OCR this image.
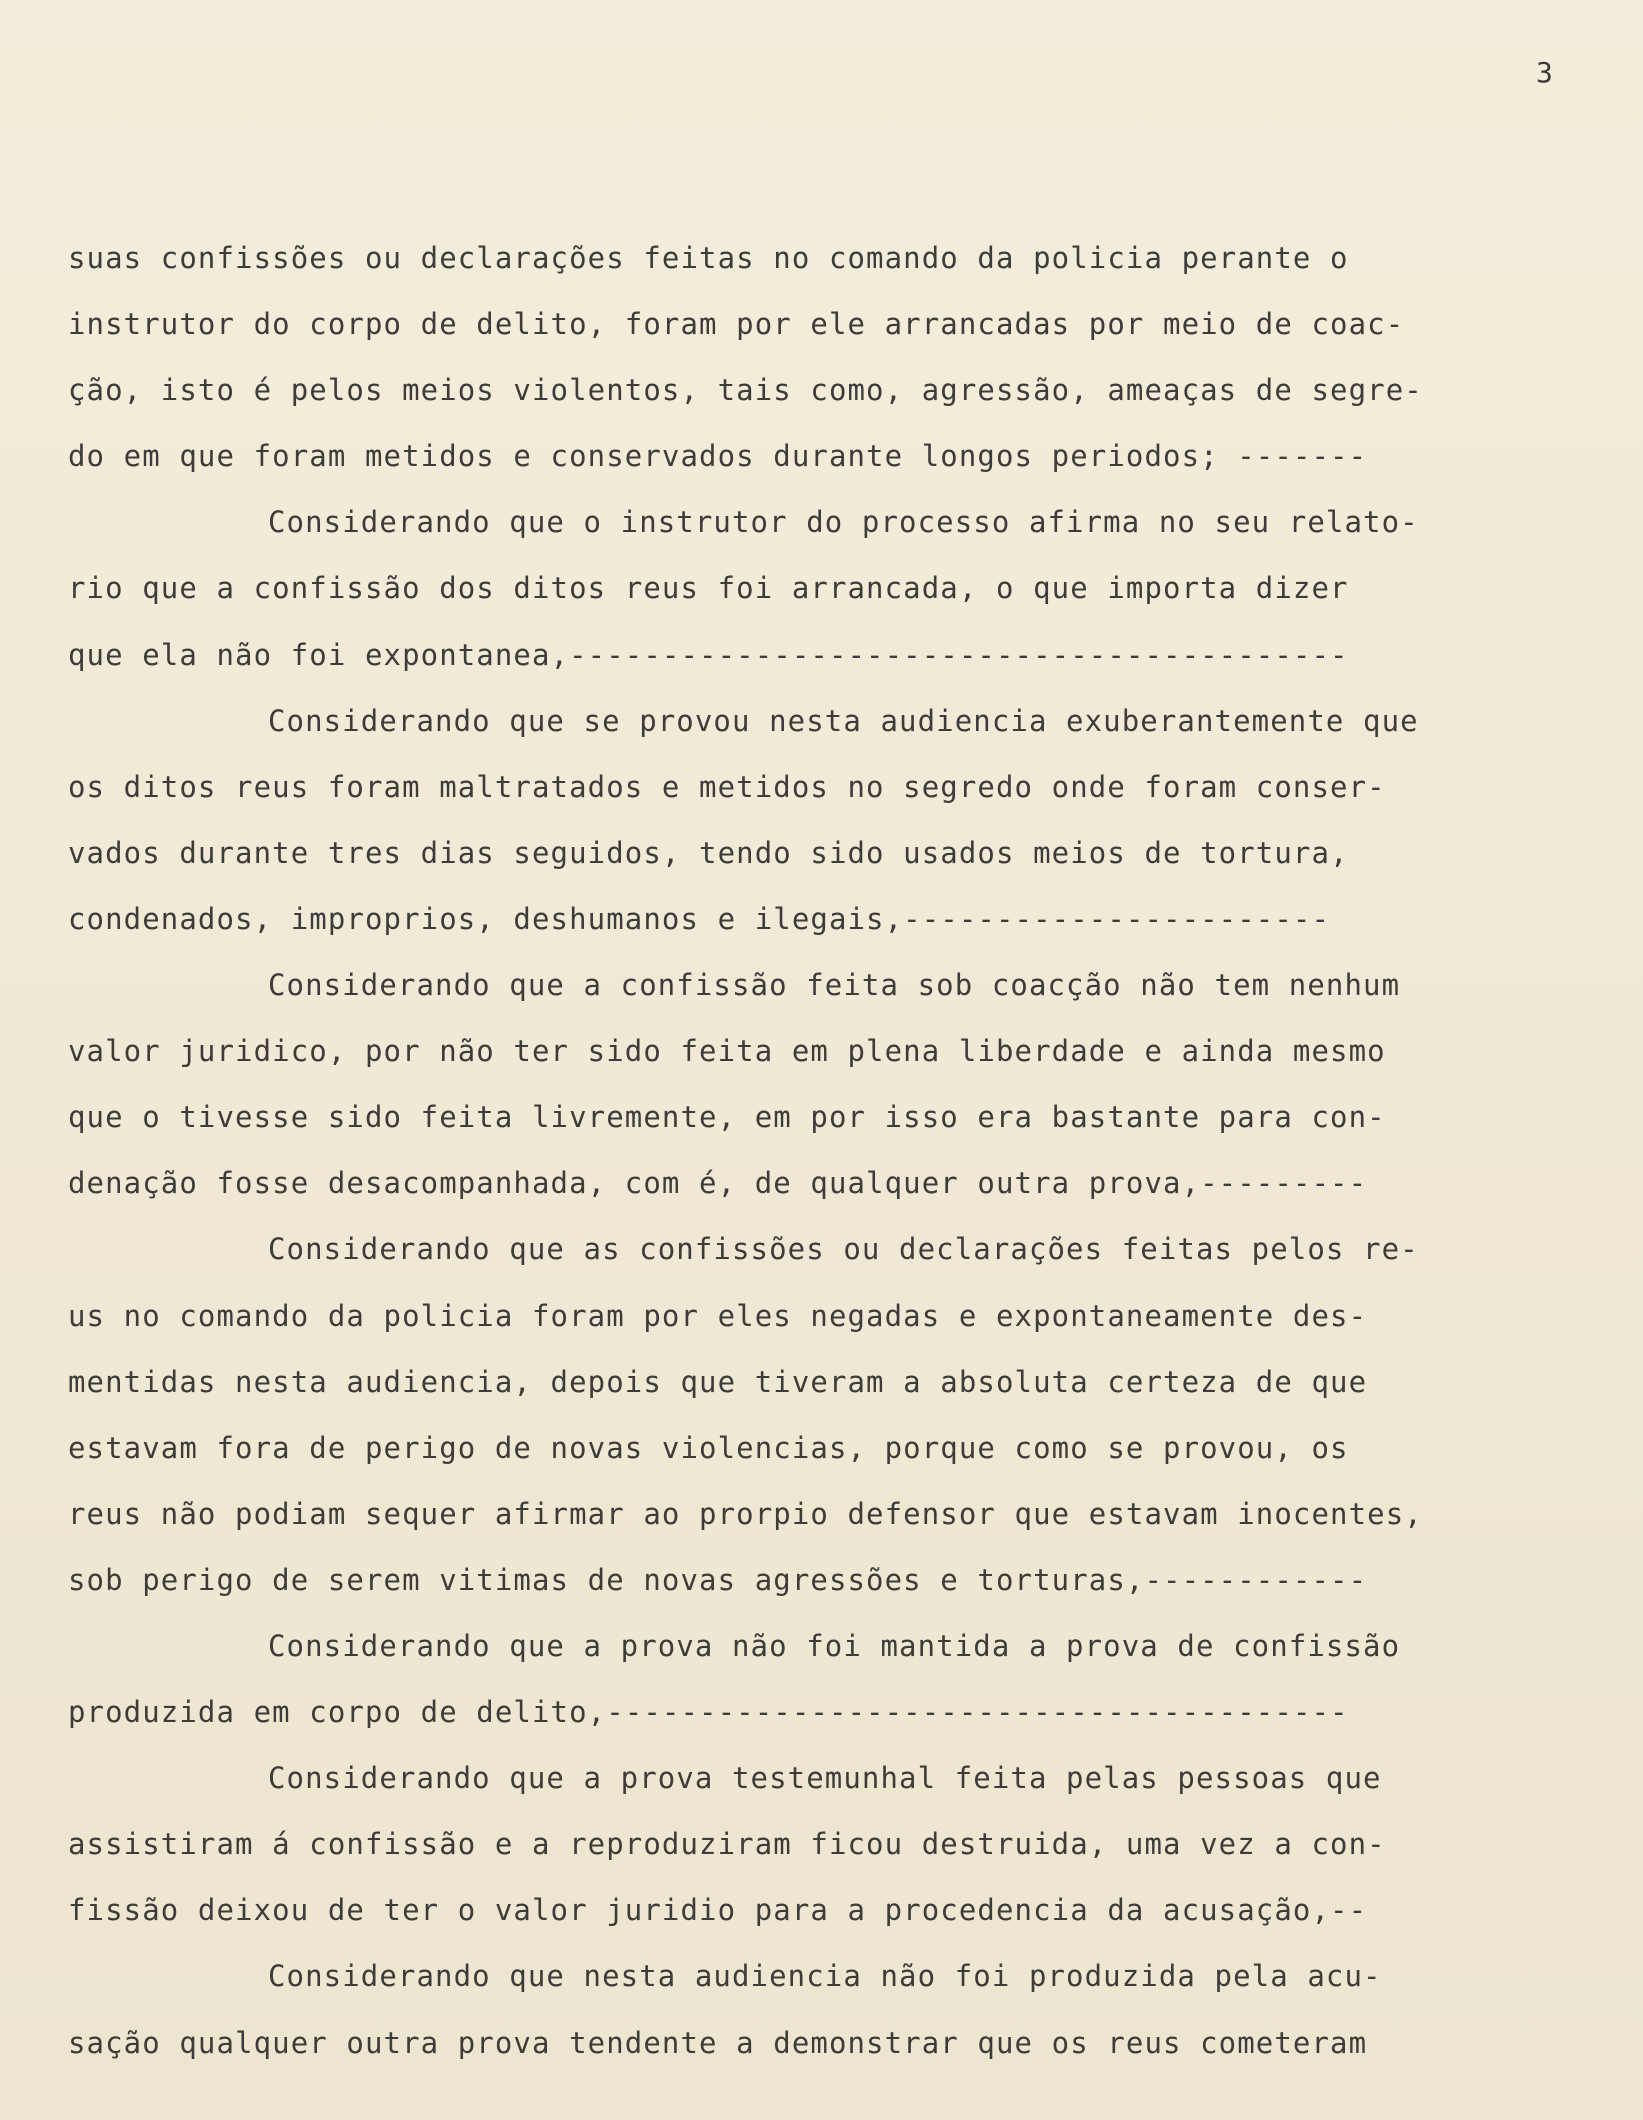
3
suas confissões ou declarações feitas no comando da policia perante o
instrutor do corpo de delito, foram por ele arrancadas por meio de coac-
ção, isto é pelos meios violentos, tais como, agressão, ameaças de segre-
do em que foram metidos e conservados durante longos periodos; -------
Considerando que o instrutor do processo afirma no seu relato-
rio que a confissão dos ditos reus foi arrancada, o que importa dizer
que ela não foi expontanea,------------------------------------------
Considerando que se provou nesta audiencia exuberantemente que
os ditos reus foram maltratados e metidos no segredo onde foram conser-
vados durante tres dias seguidos, tendo sido usados meios de tortura,
condenados, improprios, deshumanos e ilegais,-----------------------
Considerando que a confissão feita sob coacção não tem nenhum
valor juridico, por não ter sido feita em plena liberdade e ainda mesmo
que o tivesse sido feita livremente, em por isso era bastante para con-
denação fosse desacompanhada, com é, de qualquer outra prova,---------
Considerando que as confissões ou declarações feitas pelos re-
us no comando da policia foram por eles negadas e expontaneamente des-
mentidas nesta audiencia, depois que tiveram a absoluta certeza de que
estavam fora de perigo de novas violencias, porque como se provou, os
reus não podiam sequer afirmar ao prorpio defensor que estavam inocentes,
sob perigo de serem vitimas de novas agressões e torturas,------------
Considerando que a prova não foi mantida a prova de confissão
produzida em corpo de delito,----------------------------------------
Considerando que a prova testemunhal feita pelas pessoas que
assistiram á confissão e a reproduziram ficou destruida, uma vez a con-
fissão deixou de ter o valor juridio para a procedencia da acusação,--
Considerando que nesta audiencia não foi produzida pela acu-
sação qualquer outra prova tendente a demonstrar que os reus cometeram
